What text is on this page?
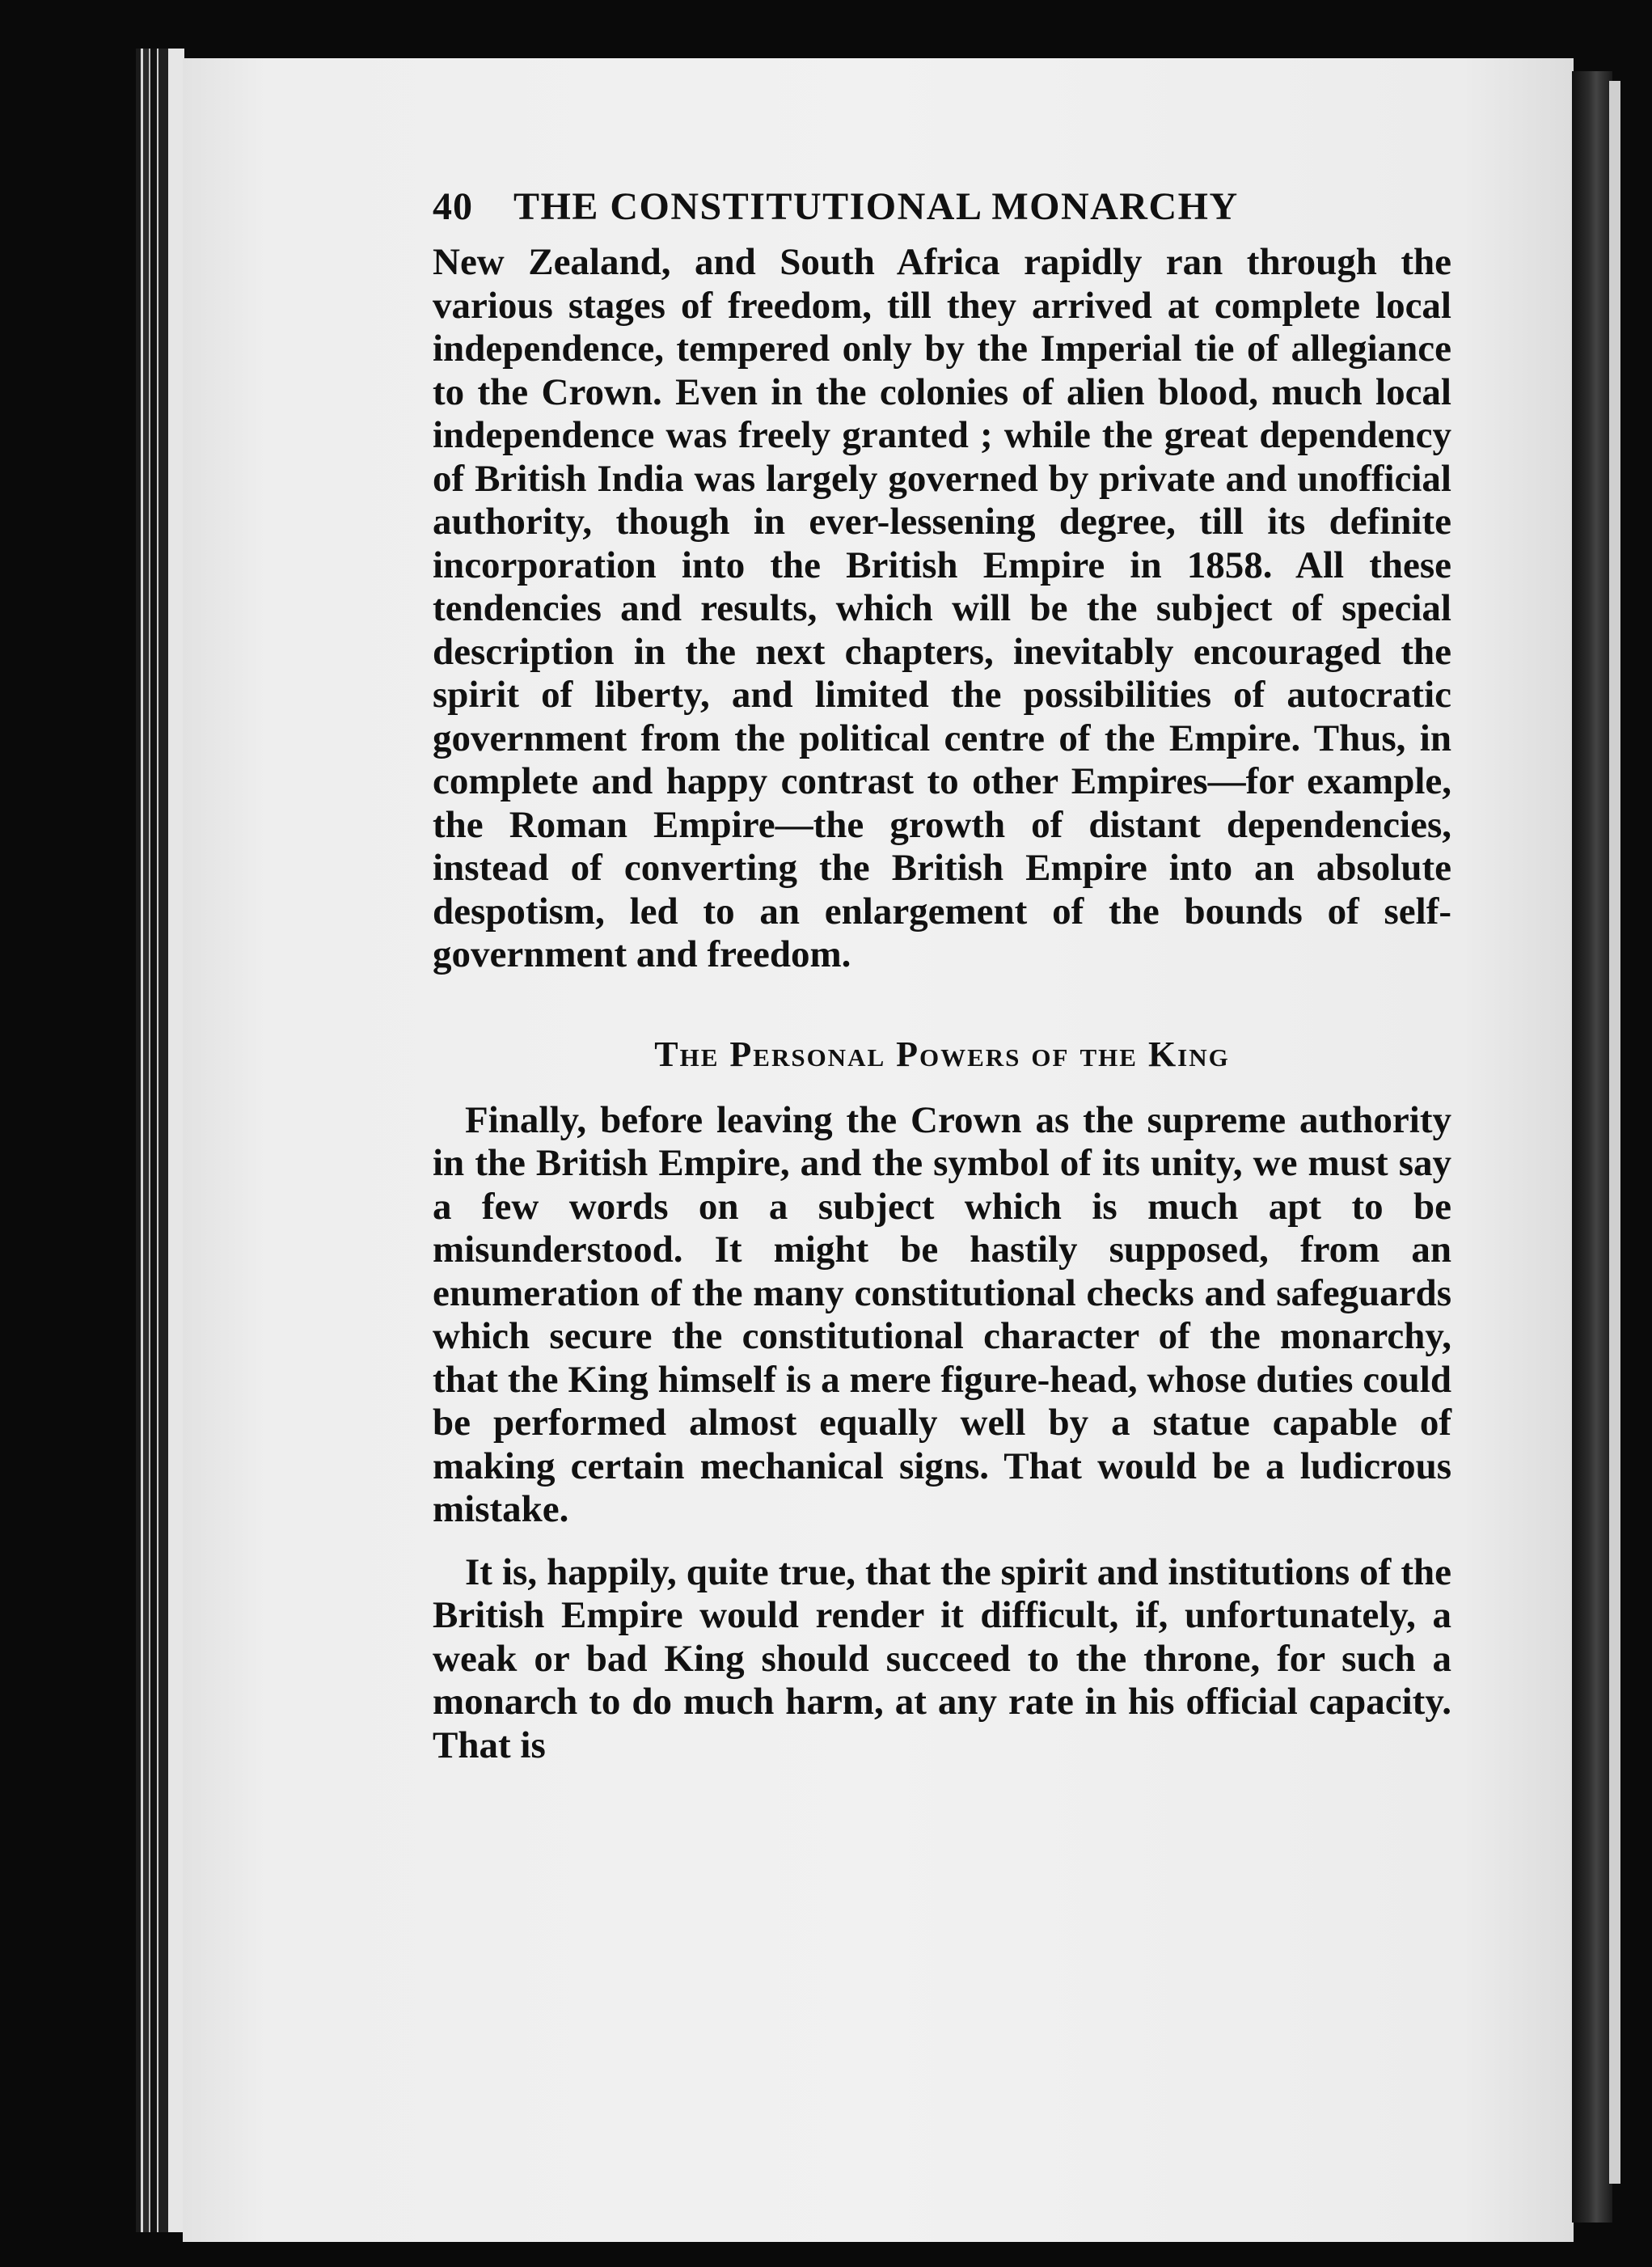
40	THE CONSTITUTIONAL MONARCHY

New Zealand, and South Africa rapidly ran through the various stages of freedom, till they arrived at complete local independence, tempered only by the Imperial tie of allegiance to the Crown. Even in the colonies of alien blood, much local independence was freely granted ; while the great dependency of British India was largely governed by private and unofficial authority, though in ever-lessening degree, till its definite incorporation into the British Empire in 1858. All these tendencies and results, which will be the subject of special description in the next chapters, inevitably encouraged the spirit of liberty, and limited the possibilities of autocratic government from the political centre of the Empire. Thus, in complete and happy contrast to other Empires—for example, the Roman Empire—the growth of distant dependencies, instead of converting the British Empire into an absolute despotism, led to an enlargement of the bounds of self-government and freedom.

The Personal Powers of the King

Finally, before leaving the Crown as the supreme authority in the British Empire, and the symbol of its unity, we must say a few words on a subject which is much apt to be misunderstood. It might be hastily supposed, from an enumeration of the many constitutional checks and safeguards which secure the constitutional character of the monarchy, that the King himself is a mere figure-head, whose duties could be performed almost equally well by a statue capable of making certain mechanical signs. That would be a ludicrous mistake.

It is, happily, quite true, that the spirit and institutions of the British Empire would render it difficult, if, unfortunately, a weak or bad King should succeed to the throne, for such a monarch to do much harm, at any rate in his official capacity. That is
